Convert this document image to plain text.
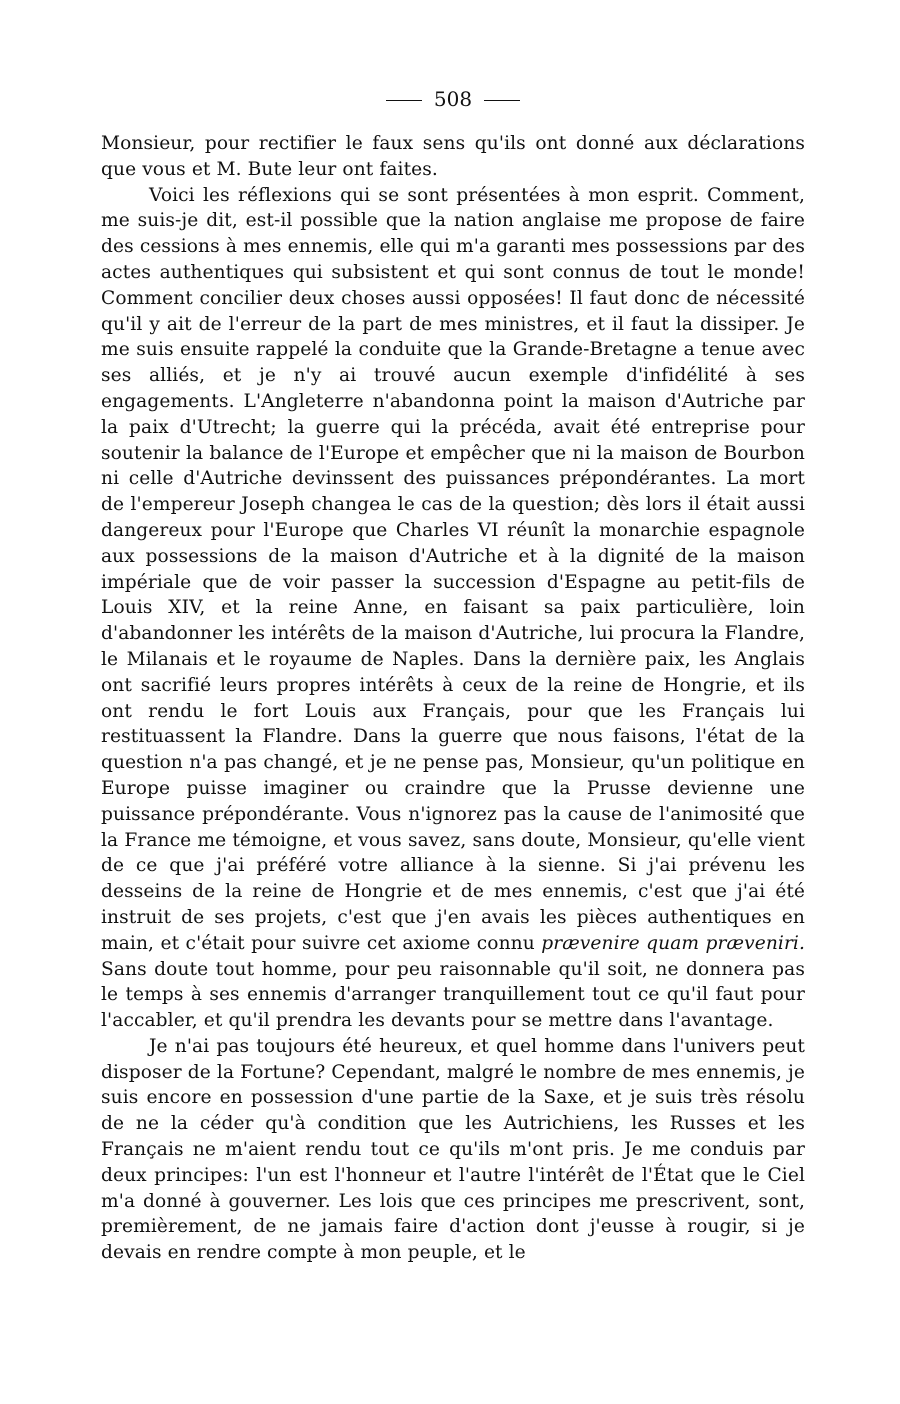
508

Monsieur, pour rectifier le faux sens qu'ils ont donné aux déclarations que vous et M. Bute leur ont faites.

Voici les réflexions qui se sont présentées à mon esprit. Comment, me suis-je dit, est-il possible que la nation anglaise me propose de faire des cessions à mes ennemis, elle qui m'a garanti mes possessions par des actes authentiques qui subsistent et qui sont connus de tout le monde! Comment concilier deux choses aussi opposées! Il faut donc de nécessité qu'il y ait de l'erreur de la part de mes ministres, et il faut la dissiper. Je me suis ensuite rappelé la conduite que la Grande-Bretagne a tenue avec ses alliés, et je n'y ai trouvé aucun exemple d'infidélité à ses engagements. L'Angleterre n'abandonna point la maison d'Autriche par la paix d'Utrecht; la guerre qui la précéda, avait été entreprise pour soutenir la balance de l'Europe et empêcher que ni la maison de Bourbon ni celle d'Autriche devinssent des puissances prépondérantes. La mort de l'empereur Joseph changea le cas de la question; dès lors il était aussi dangereux pour l'Europe que Charles VI réunît la monarchie espagnole aux possessions de la maison d'Autriche et à la dignité de la maison impériale que de voir passer la succession d'Espagne au petit-fils de Louis XIV, et la reine Anne, en faisant sa paix particulière, loin d'abandonner les intérêts de la maison d'Autriche, lui procura la Flandre, le Milanais et le royaume de Naples. Dans la dernière paix, les Anglais ont sacrifié leurs propres intérêts à ceux de la reine de Hongrie, et ils ont rendu le fort Louis aux Français, pour que les Français lui restituassent la Flandre. Dans la guerre que nous faisons, l'état de la question n'a pas changé, et je ne pense pas, Monsieur, qu'un politique en Europe puisse imaginer ou craindre que la Prusse devienne une puissance prépondérante. Vous n'ignorez pas la cause de l'animosité que la France me témoigne, et vous savez, sans doute, Monsieur, qu'elle vient de ce que j'ai préféré votre alliance à la sienne. Si j'ai prévenu les desseins de la reine de Hongrie et de mes ennemis, c'est que j'ai été instruit de ses projets, c'est que j'en avais les pièces authentiques en main, et c'était pour suivre cet axiome connu prævenire quam præveniri. Sans doute tout homme, pour peu raisonnable qu'il soit, ne donnera pas le temps à ses ennemis d'arranger tranquillement tout ce qu'il faut pour l'accabler, et qu'il prendra les devants pour se mettre dans l'avantage.

Je n'ai pas toujours été heureux, et quel homme dans l'univers peut disposer de la Fortune? Cependant, malgré le nombre de mes ennemis, je suis encore en possession d'une partie de la Saxe, et je suis très résolu de ne la céder qu'à condition que les Autrichiens, les Russes et les Français ne m'aient rendu tout ce qu'ils m'ont pris. Je me conduis par deux principes: l'un est l'honneur et l'autre l'intérêt de l'État que le Ciel m'a donné à gouverner. Les lois que ces principes me prescrivent, sont, premièrement, de ne jamais faire d'action dont j'eusse à rougir, si je devais en rendre compte à mon peuple, et le
